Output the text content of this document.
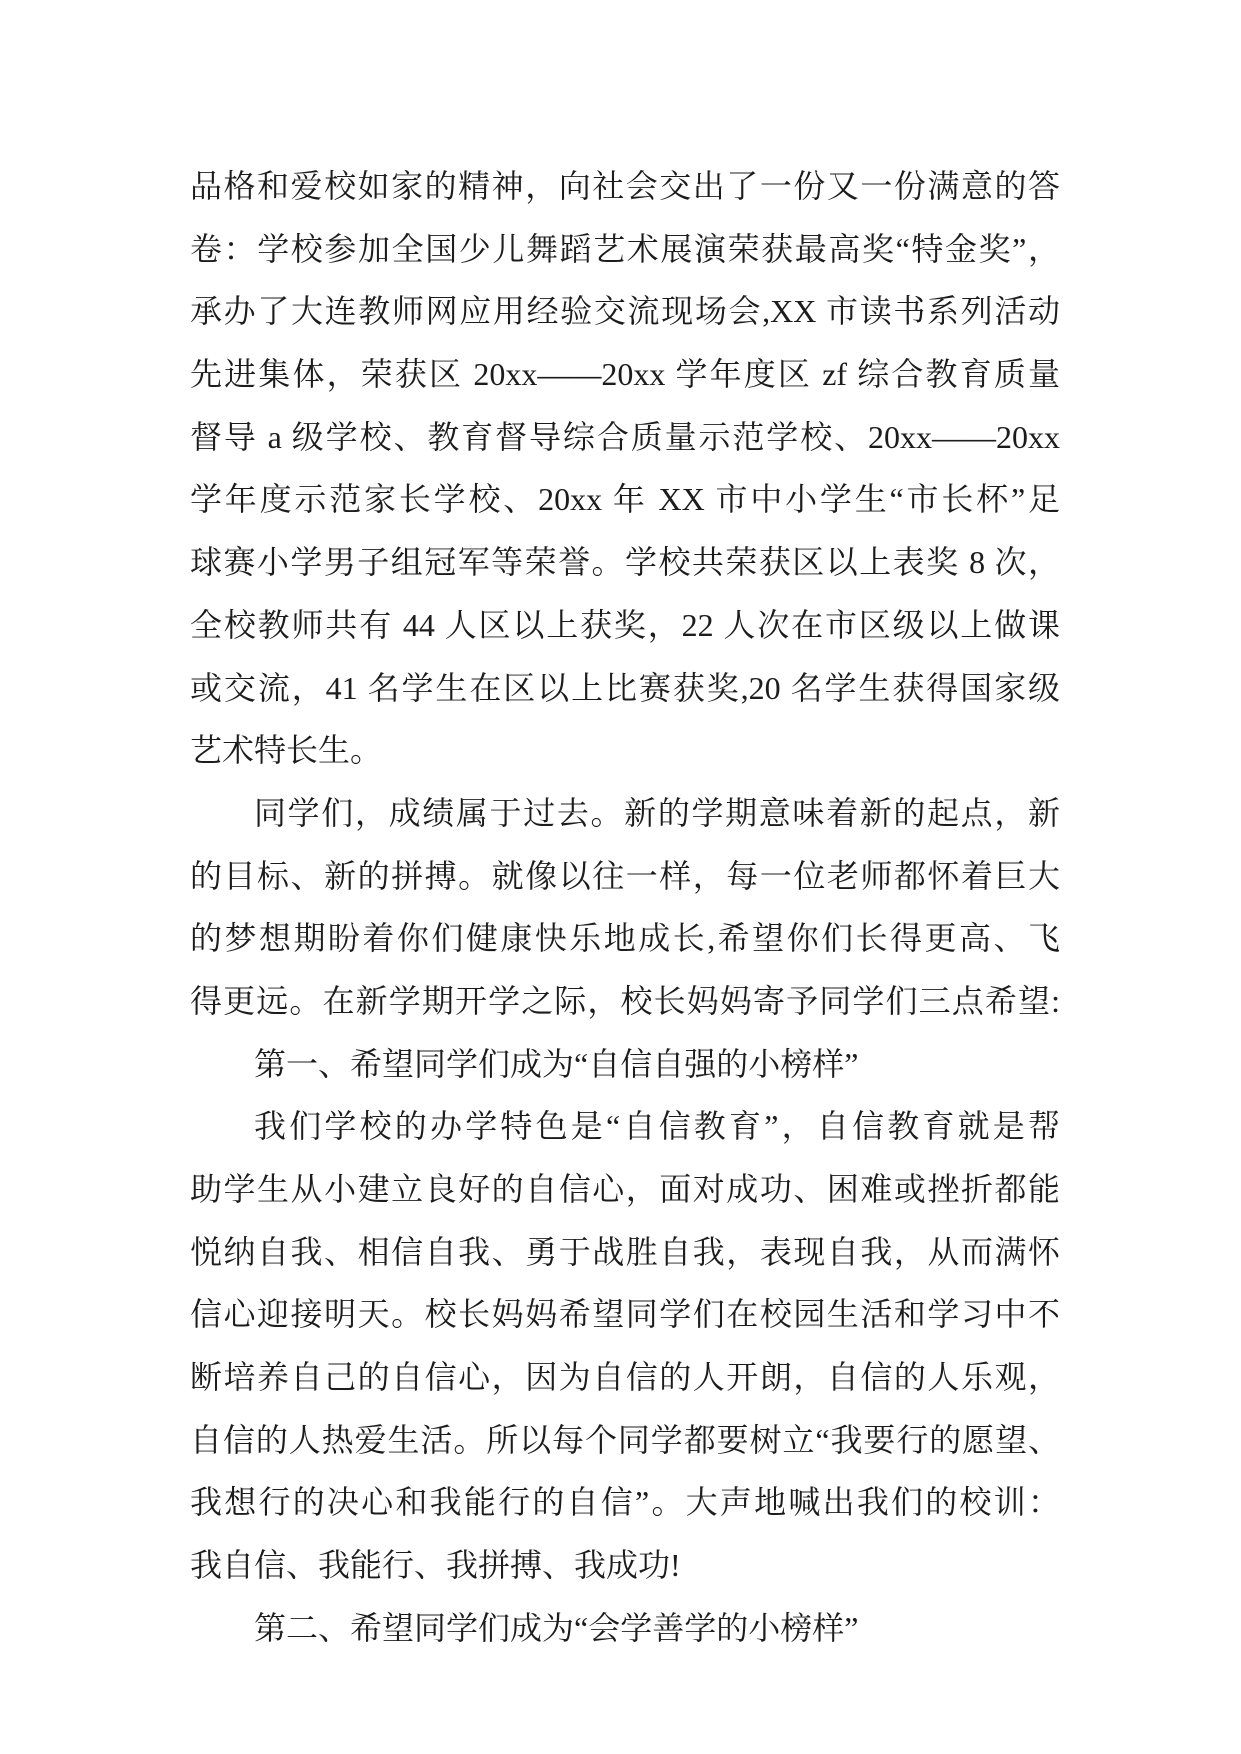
品格和爱校如家的精神，向社会交出了一份又一份满意的答
卷：学校参加全国少儿舞蹈艺术展演荣获最高奖“特金奖”，
承办了大连教师网应用经验交流现场会,XX 市读书系列活动
先进集体，荣获区 20xx——20xx 学年度区 zf 综合教育质量
督导 a 级学校、教育督导综合质量示范学校、20xx——20xx
学年度示范家长学校、20xx 年 XX 市中小学生“市长杯”足
球赛小学男子组冠军等荣誉。学校共荣获区以上表奖 8 次，
全校教师共有 44 人区以上获奖，22 人次在市区级以上做课
或交流，41 名学生在区以上比赛获奖,20 名学生获得国家级
艺术特长生。
同学们，成绩属于过去。新的学期意味着新的起点，新
的目标、新的拼搏。就像以往一样，每一位老师都怀着巨大
的梦想期盼着你们健康快乐地成长,希望你们长得更高、飞
得更远。在新学期开学之际，校长妈妈寄予同学们三点希望:
第一、希望同学们成为“自信自强的小榜样”
我们学校的办学特色是“自信教育”，自信教育就是帮
助学生从小建立良好的自信心，面对成功、困难或挫折都能
悦纳自我、相信自我、勇于战胜自我，表现自我，从而满怀
信心迎接明天。校长妈妈希望同学们在校园生活和学习中不
断培养自己的自信心，因为自信的人开朗，自信的人乐观，
自信的人热爱生活。所以每个同学都要树立“我要行的愿望、
我想行的决心和我能行的自信”。大声地喊出我们的校训：
我自信、我能行、我拼搏、我成功!
第二、希望同学们成为“会学善学的小榜样”
